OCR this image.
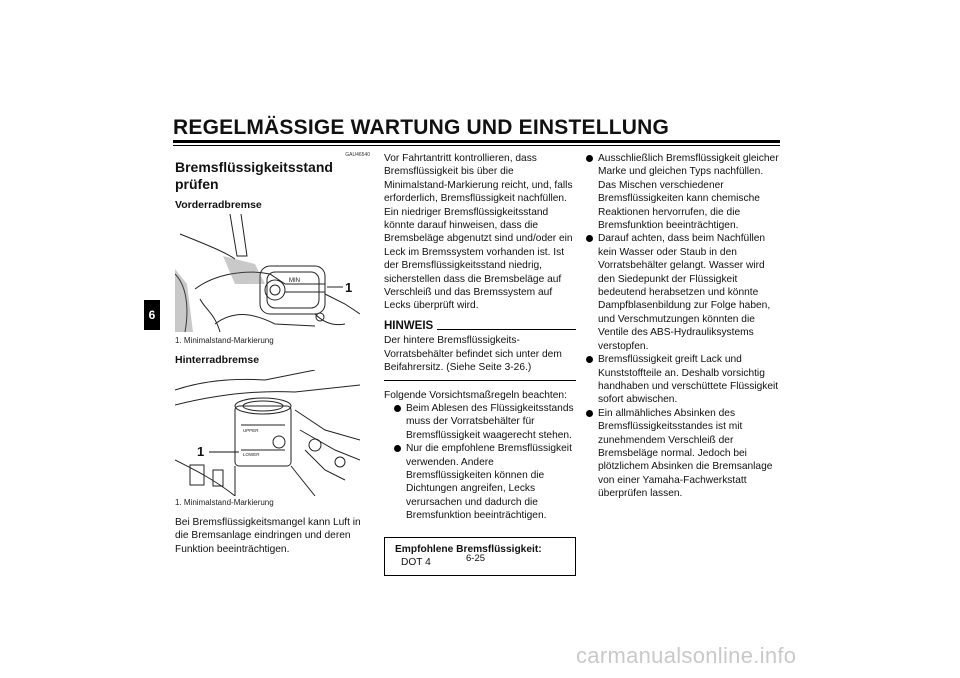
REGELMÄSSIGE WARTUNG UND EINSTELLUNG
6
GAU46540
Bremsflüssigkeitsstand prüfen
Vorderradbremse
MIN	1
1. Minimalstand-Markierung
Hinterradbremse
UPPER
LOWER
1
1. Minimalstand-Markierung

Bei Bremsflüssigkeitsmangel kann Luft in die Bremsanlage eindringen und deren Funktion beeinträchtigen.

Vor Fahrtantritt kontrollieren, dass Bremsflüssigkeit bis über die Minimalstand-Markierung reicht, und, falls erforderlich, Bremsflüssigkeit nachfüllen. Ein niedriger Bremsflüssigkeitsstand könnte darauf hinweisen, dass die Bremsbeläge abgenutzt sind und/oder ein Leck im Bremssystem vorhanden ist. Ist der Bremsflüssigkeitsstand niedrig, sicherstellen dass die Bremsbeläge auf Verschleiß und das Bremssystem auf Lecks überprüft wird.

HINWEIS

Der hintere Bremsflüssigkeits-Vorratsbehälter befindet sich unter dem Beifahrersitz. (Siehe Seite 3-26.)

Folgende Vorsichtsmaßregeln beachten:

Beim Ablesen des Flüssigkeitsstands muss der Vorratsbehälter für Bremsflüssigkeit waagerecht stehen.
Nur die empfohlene Bremsflüssigkeit verwenden. Andere Bremsflüssigkeiten können die Dichtungen angreifen, Lecks verursachen und dadurch die Bremsfunktion beeinträchtigen.
Empfohlene Bremsflüssigkeit:
DOT 4
Ausschließlich Bremsflüssigkeit gleicher Marke und gleichen Typs nachfüllen. Das Mischen verschiedener Bremsflüssigkeiten kann chemische Reaktionen hervorrufen, die die Bremsfunktion beeinträchtigen.
Darauf achten, dass beim Nachfüllen kein Wasser oder Staub in den Vorratsbehälter gelangt. Wasser wird den Siedepunkt der Flüssigkeit bedeutend herabsetzen und könnte Dampfblasenbildung zur Folge haben, und Verschmutzungen könnten die Ventile des ABS-Hydrauliksystems verstopfen.
Bremsflüssigkeit greift Lack und Kunststoffteile an. Deshalb vorsichtig handhaben und verschüttete Flüssigkeit sofort abwischen.
Ein allmähliches Absinken des Bremsflüssigkeitsstandes ist mit zunehmendem Verschleiß der Bremsbeläge normal. Jedoch bei plötzlichem Absinken die Bremsanlage von einer Yamaha-Fachwerkstatt überprüfen lassen.
6-25
carmanualsonline.info
